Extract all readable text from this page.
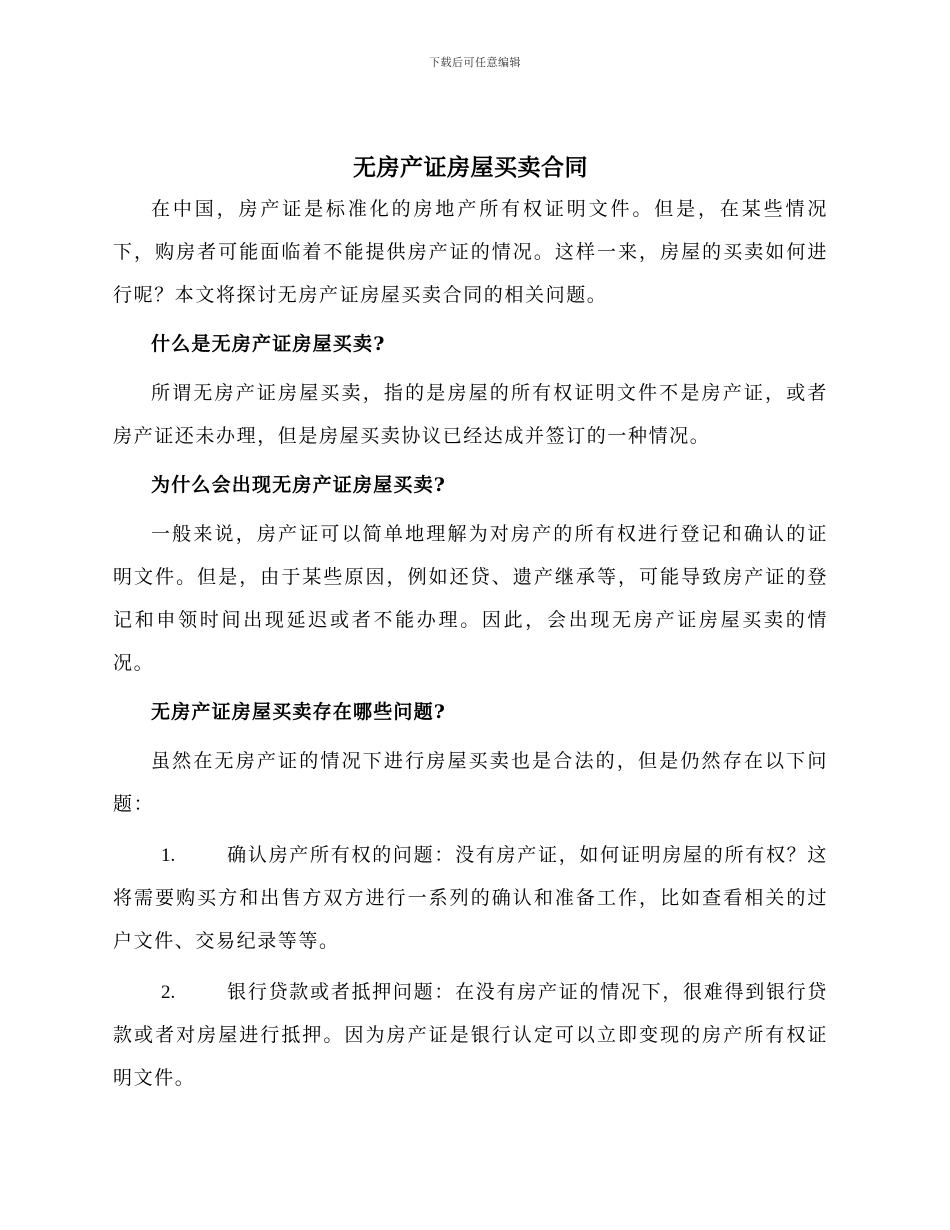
下载后可任意编辑
无房产证房屋买卖合同

在中国，房产证是标准化的房地产所有权证明文件。但是，在某些情况下，购房者可能面临着不能提供房产证的情况。这样一来，房屋的买卖如何进行呢？本文将探讨无房产证房屋买卖合同的相关问题。

什么是无房产证房屋买卖?

所谓无房产证房屋买卖，指的是房屋的所有权证明文件不是房产证，或者房产证还未办理，但是房屋买卖协议已经达成并签订的一种情况。

为什么会出现无房产证房屋买卖?

一般来说，房产证可以简单地理解为对房产的所有权进行登记和确认的证明文件。但是，由于某些原因，例如还贷、遗产继承等，可能导致房产证的登记和申领时间出现延迟或者不能办理。因此，会出现无房产证房屋买卖的情况。

无房产证房屋买卖存在哪些问题?

虽然在无房产证的情况下进行房屋买卖也是合法的，但是仍然存在以下问题：

1.	确认房产所有权的问题：没有房产证，如何证明房屋的所有权？这将需要购买方和出售方双方进行一系列的确认和准备工作，比如查看相关的过户文件、交易纪录等等。

2.	银行贷款或者抵押问题：在没有房产证的情况下，很难得到银行贷款或者对房屋进行抵押。因为房产证是银行认定可以立即变现的房产所有权证明文件。
